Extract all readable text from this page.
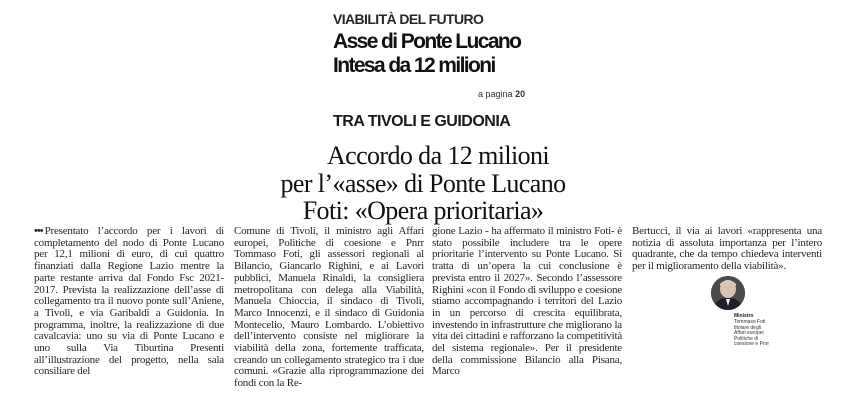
VIABILITÀ DEL FUTURO
Asse di Ponte Lucano
Intesa da 12 milioni
a pagina 20
TRA TIVOLI E GUIDONIA
Accordo da 12 milioni
per l’«asse» di Ponte Lucano
Foti: «Opera prioritaria»

••• Presentato l’accordo per i lavori di completamento del nodo di Ponte Lucano per 12,1 milioni di euro, di cui quattro finanziati dalla Regione Lazio mentre la parte restante arriva dal Fondo Fsc 2021-2017. Prevista la realizzazione dell’asse di collegamento tra il nuovo ponte sull’Aniene, a Tivoli, e via Garibaldi a Guidonia. In programma, inoltre, la realizzazione di due cavalcavia: uno su via di Ponte Lucano e uno sulla Via Tiburtina Presenti all’illustrazione del progetto, nella sala consiliare del

Comune di Tivoli, il ministro agli Affari europei, Politiche di coesione e Pnrr Tommaso Foti, gli assessori regionali al Bilancio, Giancarlo Righini, e ai Lavori pubblici, Manuela Rinaldi, la consigliera metropolitana con delega alla Viabilità, Manuela Chioccia, il sindaco di Tivoli, Marco Innocenzi, e il sindaco di Guidonia Montecelio, Mauro Lombardo. L’obiettivo dell’intervento consiste nel migliorare la viabilità della zona, fortemente trafficata, creando un collegamento strategico tra i due comuni. «Grazie alla riprogrammazione dei fondi con la Re-

gione Lazio - ha affermato il ministro Foti- è stato possibile includere tra le opere prioritarie l’intervento su Ponte Lucano. Si tratta di un’opera la cui conclusione è prevista entro il 2027». Secondo l’assessore Righini «con il Fondo di sviluppo e coesione stiamo accompagnando i territori del Lazio in un percorso di crescita equilibrata, investendo in infrastrutture che migliorano la vita dei cittadini e rafforzano la competitività del sistema regionale». Per il presidente della commissione Bilancio alla Pisana, Marco

Bertucci, il via ai lavori «rappresenta una notizia di assoluta importanza per l’intero quadrante, che da tempo chiedeva interventi per il miglioramento della viabilità».

Ministro
Tommaso Foti titolare degli Affari europei Politiche di coesione e Pnrr
